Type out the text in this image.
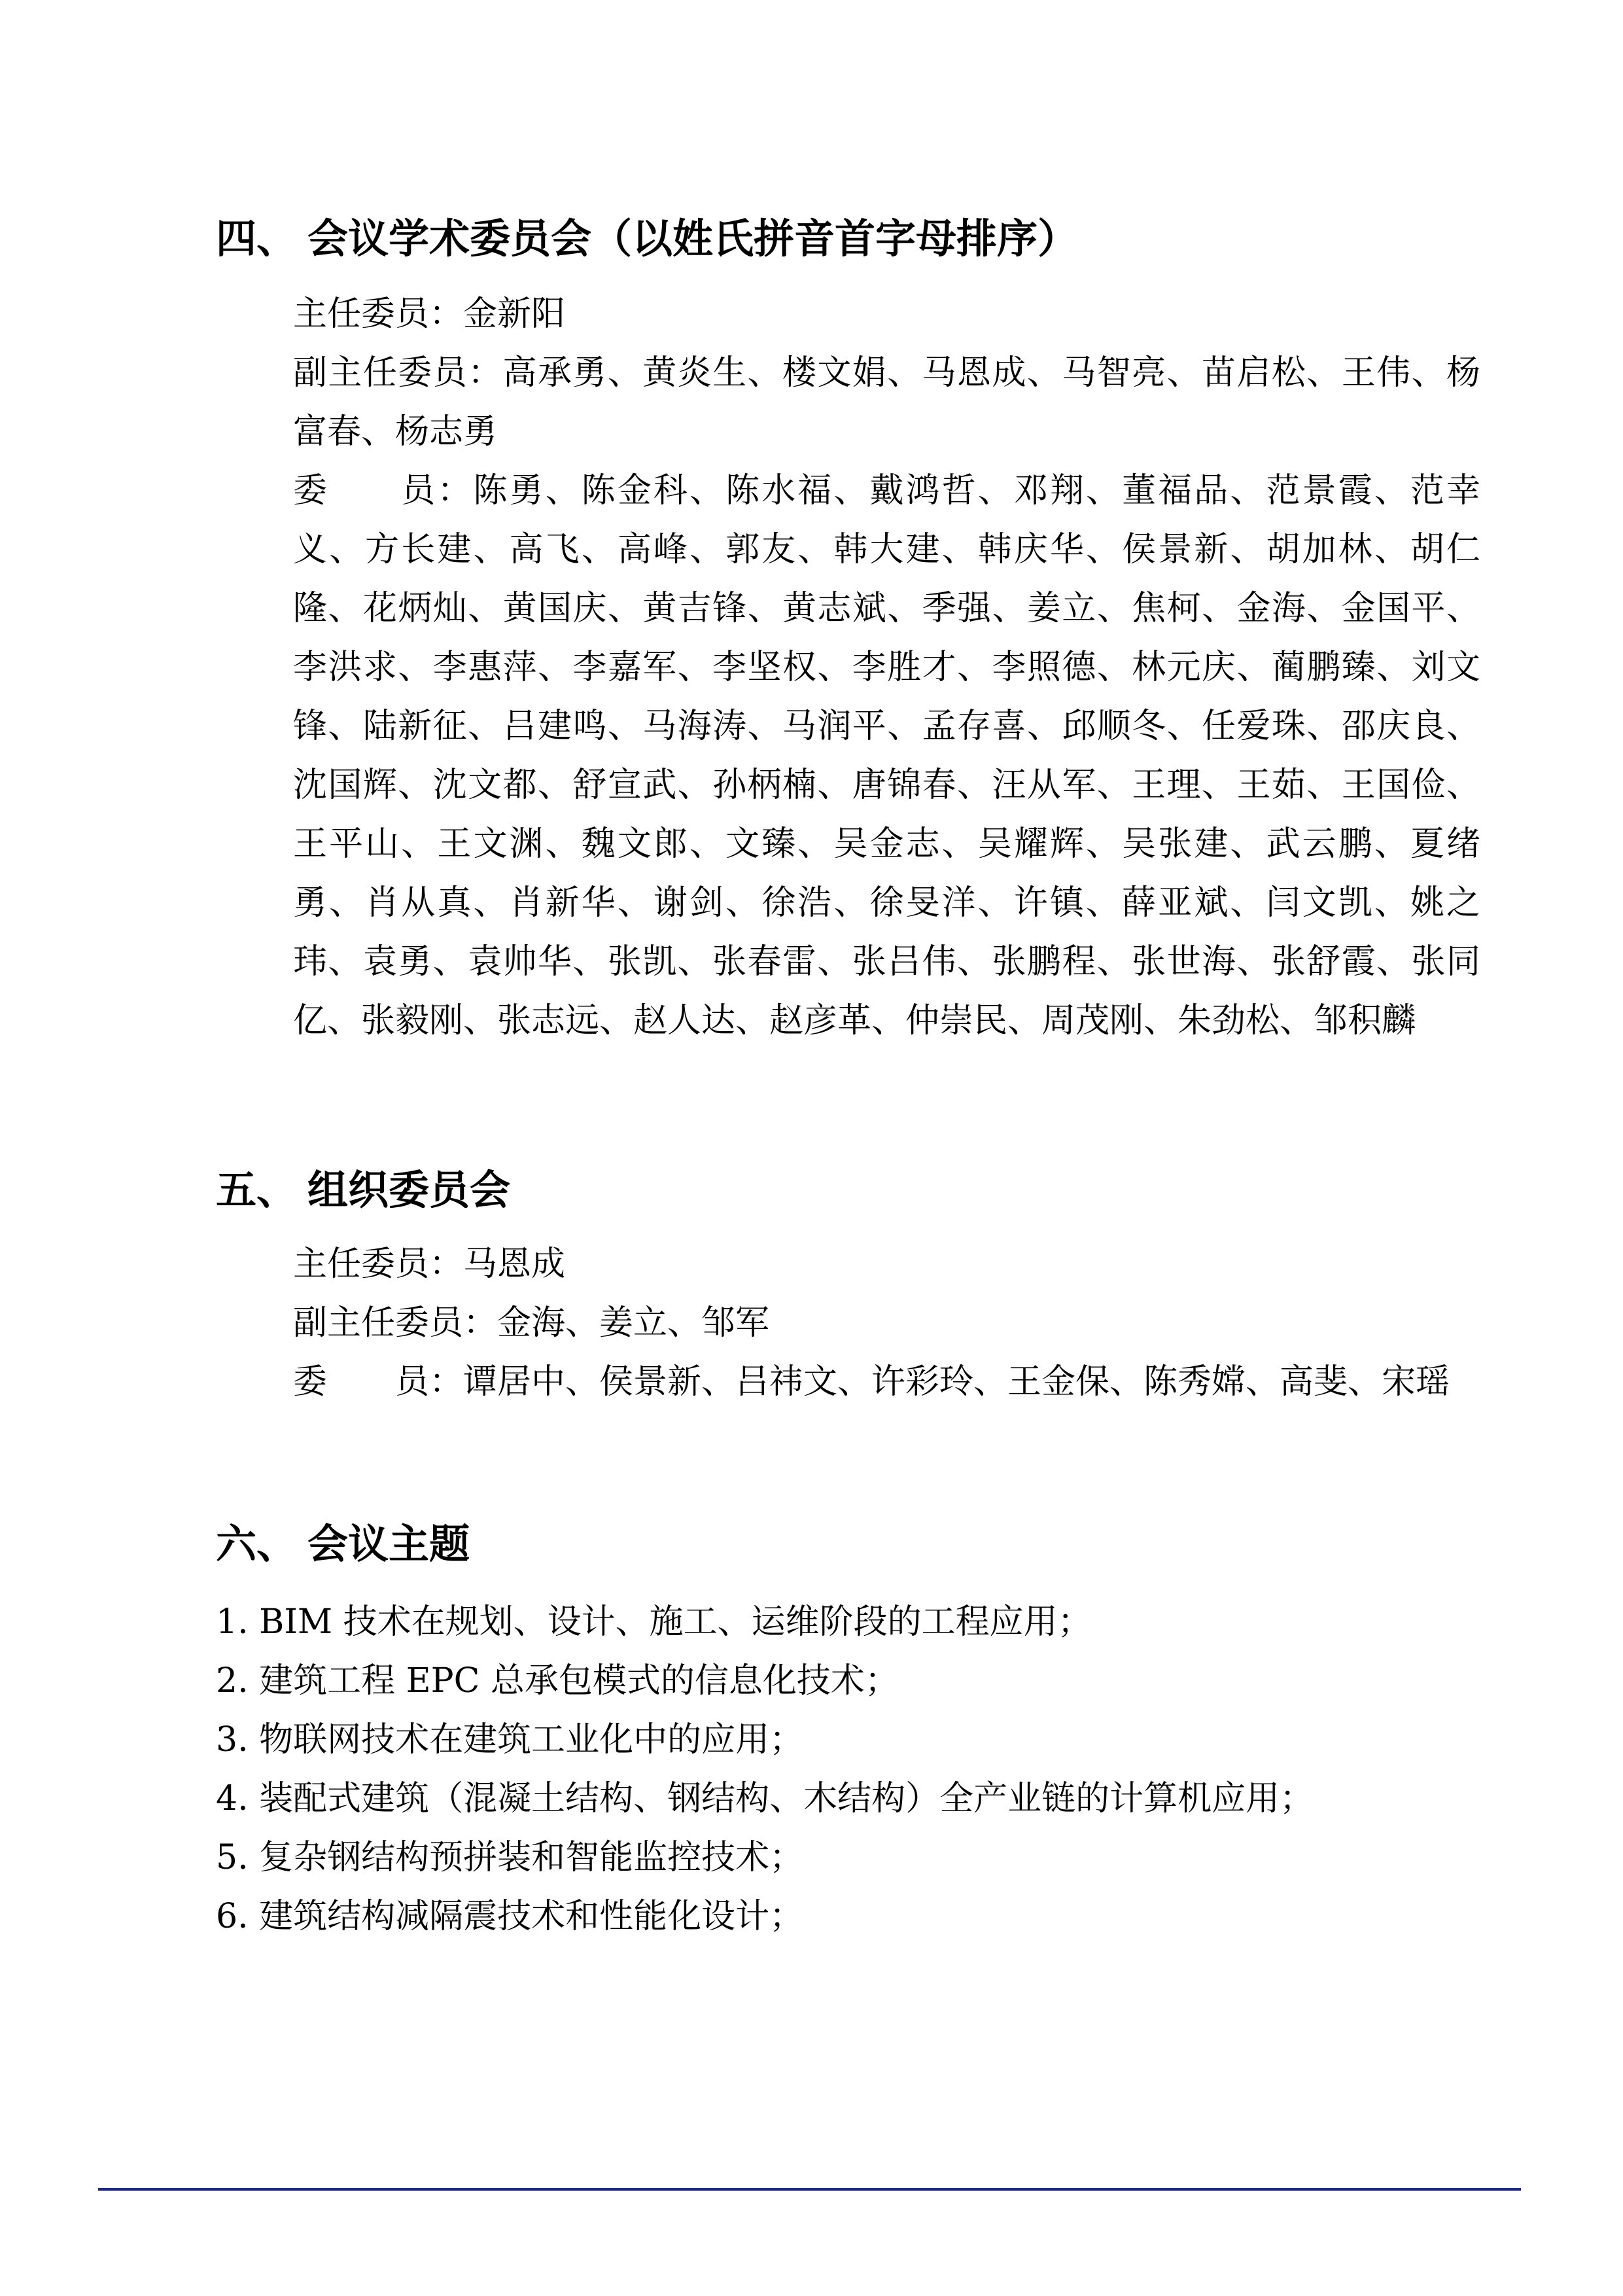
四、 会议学术委员会（以姓氏拼音首字母排序）

主任委员：金新阳

副主任委员：高承勇、黄炎生、楼文娟、马恩成、马智亮、苗启松、王伟、杨富春、杨志勇

委　　员：陈勇、陈金科、陈水福、戴鸿哲、邓翔、董福品、范景霞、范幸义、方长建、高飞、高峰、郭友、韩大建、韩庆华、侯景新、胡加林、胡仁隆、花炳灿、黄国庆、黄吉锋、黄志斌、季强、姜立、焦柯、金海、金国平、李洪求、李惠萍、李嘉军、李坚权、李胜才、李照德、林元庆、蔺鹏臻、刘文锋、陆新征、吕建鸣、马海涛、马润平、孟存喜、邱顺冬、任爱珠、邵庆良、沈国辉、沈文都、舒宣武、孙柄楠、唐锦春、汪从军、王理、王茹、王国俭、王平山、王文渊、魏文郎、文臻、吴金志、吴耀辉、吴张建、武云鹏、夏绪勇、肖从真、肖新华、谢剑、徐浩、徐旻洋、许镇、薛亚斌、闫文凯、姚之玮、袁勇、袁帅华、张凯、张春雷、张吕伟、张鹏程、张世海、张舒霞、张同亿、张毅刚、张志远、赵人达、赵彦革、仲崇民、周茂刚、朱劲松、邹积麟

五、 组织委员会

主任委员：马恩成

副主任委员：金海、姜立、邹军

委　　员：谭居中、侯景新、吕祎文、许彩玲、王金保、陈秀嫦、高斐、宋瑶

六、 会议主题

1. BIM 技术在规划、设计、施工、运维阶段的工程应用；

2. 建筑工程 EPC 总承包模式的信息化技术；

3. 物联网技术在建筑工业化中的应用；

4. 装配式建筑（混凝土结构、钢结构、木结构）全产业链的计算机应用；

5. 复杂钢结构预拼装和智能监控技术；

6. 建筑结构减隔震技术和性能化设计；
